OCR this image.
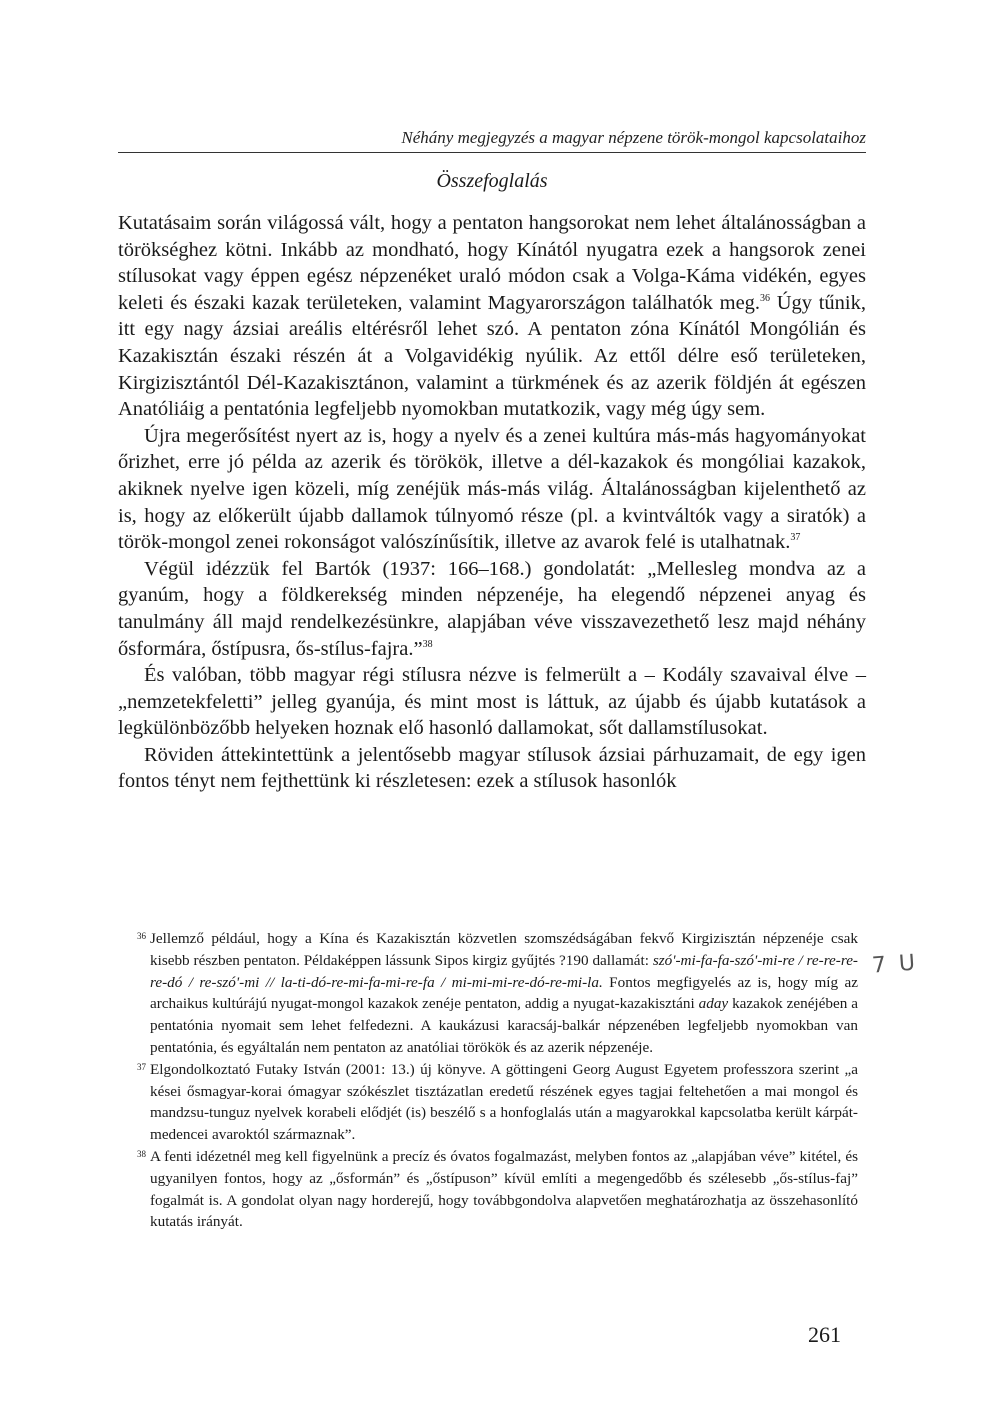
Néhány megjegyzés a magyar népzene török-mongol kapcsolataihoz
Összefoglalás

Kutatásaim során világossá vált, hogy a pentaton hangsorokat nem lehet általánosságban a törökséghez kötni. Inkább az mondható, hogy Kínától nyugatra ezek a hangsorok zenei stílusokat vagy éppen egész népzenéket uraló módon csak a Volga-Káma vidékén, egyes keleti és északi kazak területeken, valamint Magyarországon találhatók meg.$^{36}$ Úgy tűnik, itt egy nagy ázsiai areális eltérésről lehet szó. A pentaton zóna Kínától Mongólián és Kazakisztán északi részén át a Volgavidékig nyúlik. Az ettől délre eső területeken, Kirgizisztántól Dél-Kazakisztánon, valamint a türkmének és az azerik földjén át egészen Anatóliáig a pentatónia legfeljebb nyomokban mutatkozik, vagy még úgy sem.

Újra megerősítést nyert az is, hogy a nyelv és a zenei kultúra más-más hagyományokat őrizhet, erre jó példa az azerik és törökök, illetve a dél-kazakok és mongóliai kazakok, akiknek nyelve igen közeli, míg zenéjük más-más világ. Általánosságban kijelenthető az is, hogy az előkerült újabb dallamok túlnyomó része (pl. a kvintváltók vagy a siratók) a török-mongol zenei rokonságot valószínűsítik, illetve az avarok felé is utalhatnak.$^{37}$

Végül idézzük fel Bartók (1937: 166–168.) gondolatát: „Mellesleg mondva az a gyanúm, hogy a földkerekség minden népzenéje, ha elegendő népzenei anyag és tanulmány áll majd rendelkezésünkre, alapjában véve visszavezethető lesz majd néhány ősformára, őstípusra, ős-stílus-fajra.”$^{38}$

És valóban, több magyar régi stílusra nézve is felmerült a – Kodály szavaival élve – „nemzetekfeletti” jelleg gyanúja, és mint most is láttuk, az újabb és újabb kutatások a legkülönbözőbb helyeken hoznak elő hasonló dallamokat, sőt dallamstílusokat.

Röviden áttekintettünk a jelentősebb magyar stílusok ázsiai párhuzamait, de egy igen fontos tényt nem fejthettünk ki részletesen: ezek a stílusok hasonlók

36 Jellemző például, hogy a Kína és Kazakisztán közvetlen szomszédságában fekvő Kirgizisztán népzenéje csak kisebb részben pentaton. Példaképpen lássunk Sipos kirgiz gyűjtés ?190 dallamát: szó'-mi-fa-fa-szó'-mi-re / re-re-re-re-dó / re-szó'-mi // la-ti-dó-re-mi-fa-mi-re-fa / mi-mi-mi-re-dó-re-mi-la. Fontos megfigyelés az is, hogy míg az archaikus kultúrájú nyugat-mongol kazakok zenéje pentaton, addig a nyugat-kazakisztáni aday kazakok zenéjében a pentatónia nyomait sem lehet felfedezni. A kaukázusi karacsáj-balkár népzenében legfeljebb nyomokban van pentatónia, és egyáltalán nem pentaton az anatóliai törökök és az azerik népzenéje.

37 Elgondolkoztató Futaky István (2001: 13.) új könyve. A göttingeni Georg August Egyetem professzora szerint „a kései ősmagyar-korai ómagyar szókészlet tisztázatlan eredetű részének egyes tagjai feltehetően a mai mongol és mandzsu-tunguz nyelvek korabeli elődjét (is) beszélő s a honfoglalás után a magyarokkal kapcsolatba került kárpát-medencei avaroktól származnak”.

38 A fenti idézetnél meg kell figyelnünk a precíz és óvatos fogalmazást, melyben fontos az „alapjában véve” kitétel, és ugyanilyen fontos, hogy az „ősformán” és „őstípuson” kívül említi a megengedőbb és szélesebb „ős-stílus-faj” fogalmát is. A gondolat olyan nagy horderejű, hogy továbbgondolva alapvetően meghatározhatja az összehasonlító kutatás irányát.

7 U
261
